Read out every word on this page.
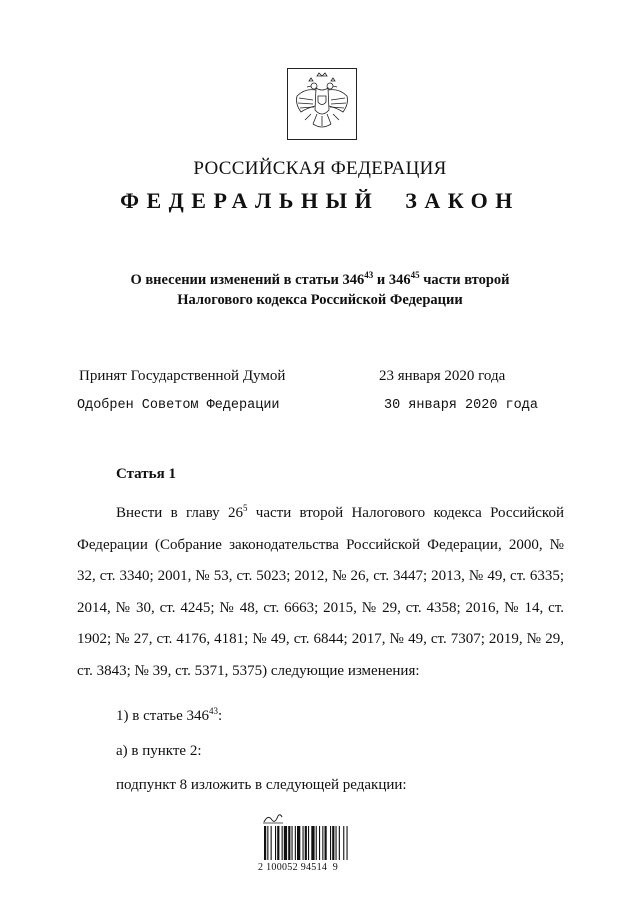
РОССИЙСКАЯ ФЕДЕРАЦИЯ
ФЕДЕРАЛЬНЫЙ ЗАКОН
О внесении изменений в статьи $346^{43}$ и $346^{45}$ части второй
Налогового кодекса Российской Федерации
Принят Государственной Думой	23 января 2020 года
Одобрен Советом Федерации	30 января 2020 года
Статья 1
Внести в главу $26^5$ части второй Налогового кодекса Российской Федерации (Собрание законодательства Российской Федерации, 2000, № 32, ст. 3340; 2001, № 53, ст. 5023; 2012, № 26, ст. 3447; 2013, № 49, ст. 6335; 2014, № 30, ст. 4245; № 48, ст. 6663; 2015, № 29, ст. 4358; 2016, № 14, ст. 1902; № 27, ст. 4176, 4181; № 49, ст. 6844; 2017, № 49, ст. 7307; 2019, № 29, ст. 3843; № 39, ст. 5371, 5375) следующие изменения:
1) в статье $346^{43}$:
а) в пункте 2:
подпункт 8 изложить в следующей редакции:
2 100052 94514  9
